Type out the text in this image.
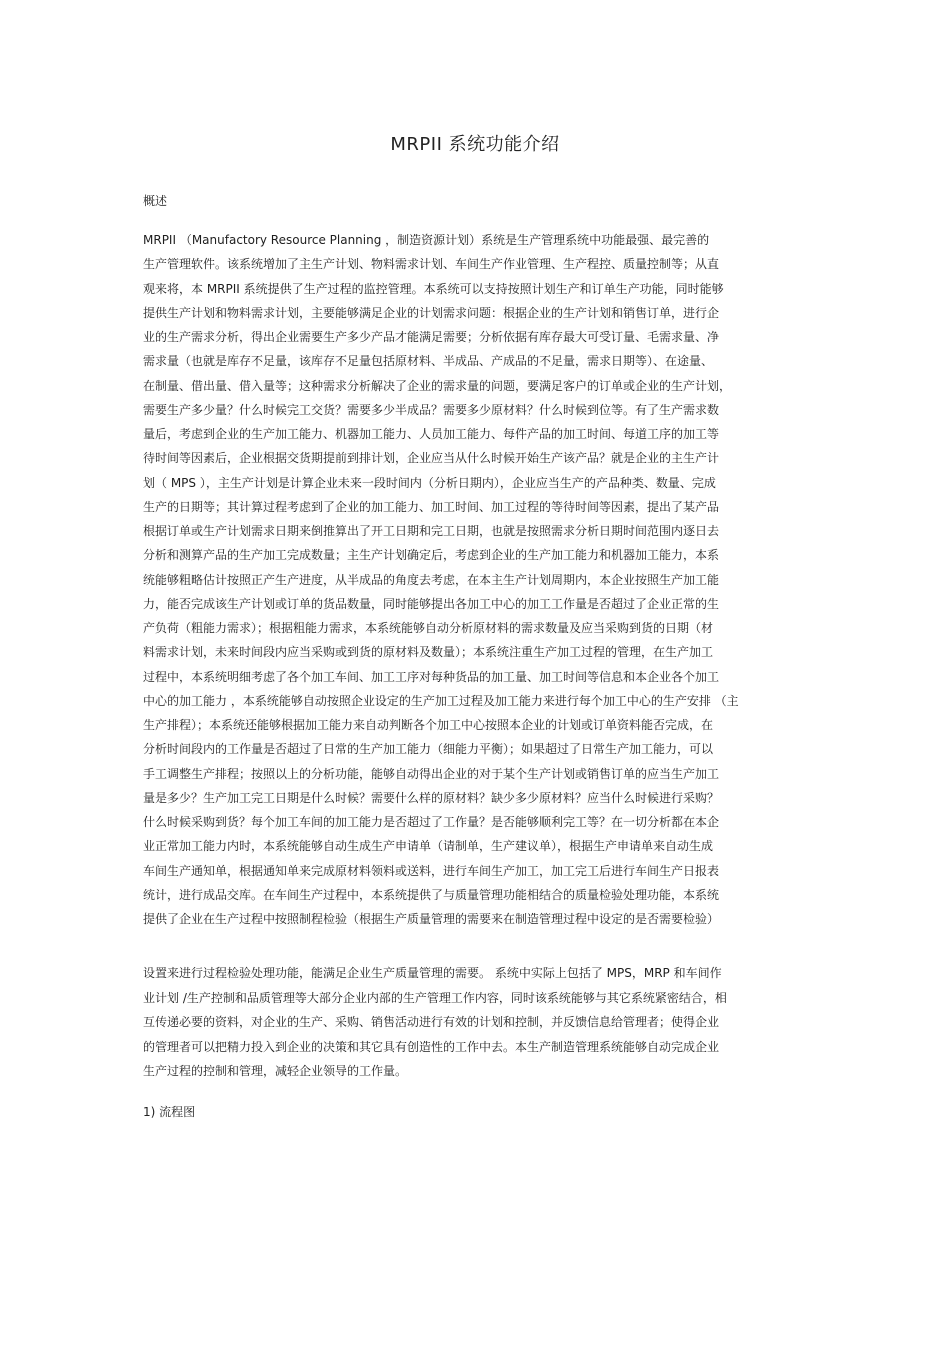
MRPII 系统功能介绍
概述
MRPII （Manufactory Resource Planning ，制造资源计划）系统是生产管理系统中功能最强、最完善的
生产管理软件。该系统增加了主生产计划、物料需求计划、车间生产作业管理、生产程控、质量控制等；从直
观来将，本 MRPII 系统提供了生产过程的监控管理。本系统可以支持按照计划生产和订单生产功能，同时能够
提供生产计划和物料需求计划，主要能够满足企业的计划需求问题：根据企业的生产计划和销售订单，进行企
业的生产需求分析，得出企业需要生产多少产品才能满足需要；分析依据有库存最大可受订量、毛需求量、净
需求量（也就是库存不足量，该库存不足量包括原材料、半成品、产成品的不足量，需求日期等）、在途量、
在制量、借出量、借入量等；这种需求分析解决了企业的需求量的问题，要满足客户的订单或企业的生产计划，
需要生产多少量？什么时候完工交货？需要多少半成品？需要多少原材料？什么时候到位等。有了生产需求数
量后，考虑到企业的生产加工能力、机器加工能力、人员加工能力、每件产品的加工时间、每道工序的加工等
待时间等因素后，企业根据交货期提前到排计划，企业应当从什么时候开始生产该产品？就是企业的主生产计
划（ MPS ），主生产计划是计算企业未来一段时间内（分析日期内），企业应当生产的产品种类、数量、完成
生产的日期等；其计算过程考虑到了企业的加工能力、加工时间、加工过程的等待时间等因素，提出了某产品
根据订单或生产计划需求日期来倒推算出了开工日期和完工日期，也就是按照需求分析日期时间范围内逐日去
分析和测算产品的生产加工完成数量；主生产计划确定后，考虑到企业的生产加工能力和机器加工能力，本系
统能够粗略估计按照正产生产进度，从半成品的角度去考虑，在本主生产计划周期内，本企业按照生产加工能
力，能否完成该生产计划或订单的货品数量，同时能够提出各加工中心的加工工作量是否超过了企业正常的生
产负荷（粗能力需求）；根据粗能力需求，本系统能够自动分析原材料的需求数量及应当采购到货的日期（材
料需求计划，未来时间段内应当采购或到货的原材料及数量）；本系统注重生产加工过程的管理，在生产加工
过程中，本系统明细考虑了各个加工车间、加工工序对每种货品的加工量、加工时间等信息和本企业各个加工
中心的加工能力 ，本系统能够自动按照企业设定的生产加工过程及加工能力来进行每个加工中心的生产安排 （主
生产排程）；本系统还能够根据加工能力来自动判断各个加工中心按照本企业的计划或订单资料能否完成，在
分析时间段内的工作量是否超过了日常的生产加工能力（细能力平衡）；如果超过了日常生产加工能力，可以
手工调整生产排程；按照以上的分析功能，能够自动得出企业的对于某个生产计划或销售订单的应当生产加工
量是多少？生产加工完工日期是什么时候？需要什么样的原材料？缺少多少原材料？应当什么时候进行采购？
什么时候采购到货？每个加工车间的加工能力是否超过了工作量？是否能够顺利完工等？在一切分析都在本企
业正常加工能力内时，本系统能够自动生成生产申请单（请制单，生产建议单），根据生产申请单来自动生成
车间生产通知单，根据通知单来完成原材料领料或送料，进行车间生产加工，加工完工后进行车间生产日报表
统计，进行成品交库。在车间生产过程中，本系统提供了与质量管理功能相结合的质量检验处理功能，本系统
提供了企业在生产过程中按照制程检验（根据生产质量管理的需要来在制造管理过程中设定的是否需要检验）
设置来进行过程检验处理功能，能满足企业生产质量管理的需要。 系统中实际上包括了 MPS，MRP 和车间作
业计划 /生产控制和品质管理等大部分企业内部的生产管理工作内容，同时该系统能够与其它系统紧密结合，相
互传递必要的资料，对企业的生产、采购、销售活动进行有效的计划和控制，并反馈信息给管理者；使得企业
的管理者可以把精力投入到企业的决策和其它具有创造性的工作中去。本生产制造管理系统能够自动完成企业
生产过程的控制和管理，减轻企业领导的工作量。
1) 流程图
